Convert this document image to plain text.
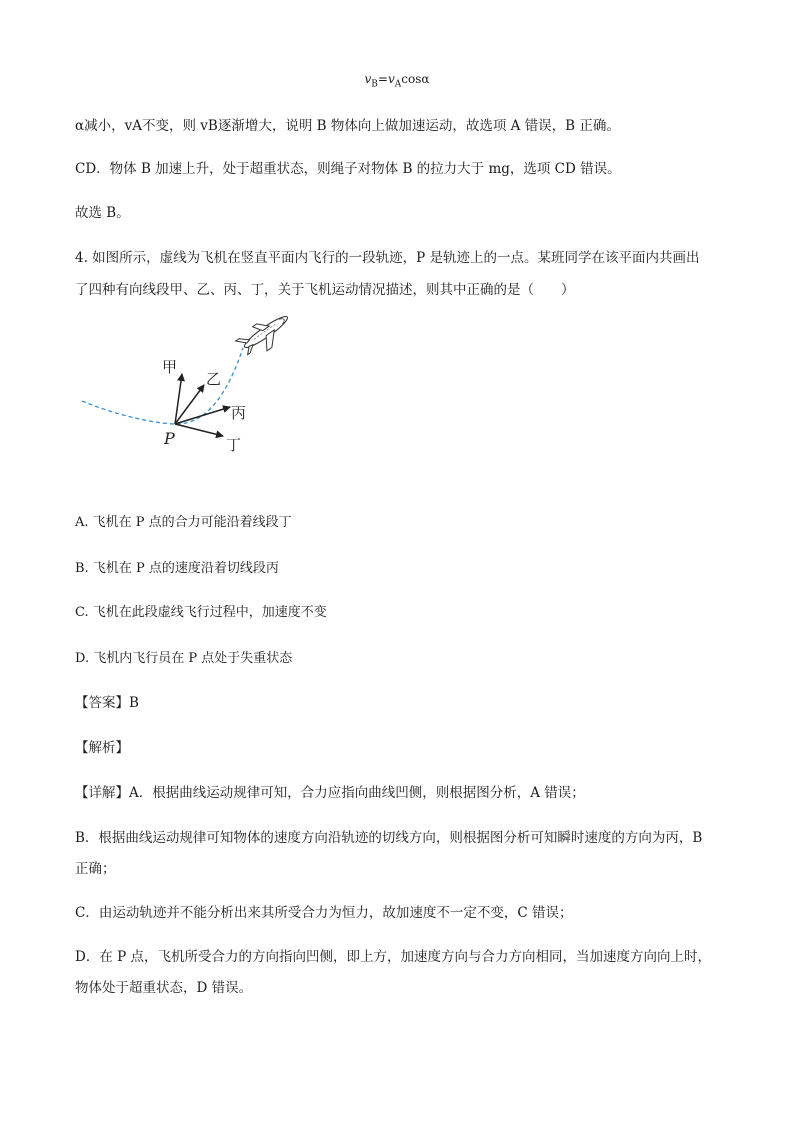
$v_B=v_A\cos\alpha$
α减小，vA不变，则 vB逐渐增大，说明 B 物体向上做加速运动，故选项 A 错误，B 正确。
CD．物体 B 加速上升，处于超重状态，则绳子对物体 B 的拉力大于 mg，选项 CD 错误。
故选 B。
4. 如图所示，虚线为飞机在竖直平面内飞行的一段轨迹，P 是轨迹上的一点。某班同学在该平面内共画出
了四种有向线段甲、乙、丙、丁，关于飞机运动情况描述，则其中正确的是（　　）
甲
乙
丙
丁
P
A. 飞机在 P 点的合力可能沿着线段丁
B. 飞机在 P 点的速度沿着切线段丙
C. 飞机在此段虚线飞行过程中，加速度不变
D. 飞机内飞行员在 P 点处于失重状态
【答案】B
【解析】
【详解】A．根据曲线运动规律可知，合力应指向曲线凹侧，则根据图分析，A 错误；
B．根据曲线运动规律可知物体的速度方向沿轨迹的切线方向，则根据图分析可知瞬时速度的方向为丙，B
正确；
C．由运动轨迹并不能分析出来其所受合力为恒力，故加速度不一定不变，C 错误；
D．在 P 点，飞机所受合力的方向指向凹侧，即上方，加速度方向与合力方向相同，当加速度方向向上时，
物体处于超重状态，D 错误。
